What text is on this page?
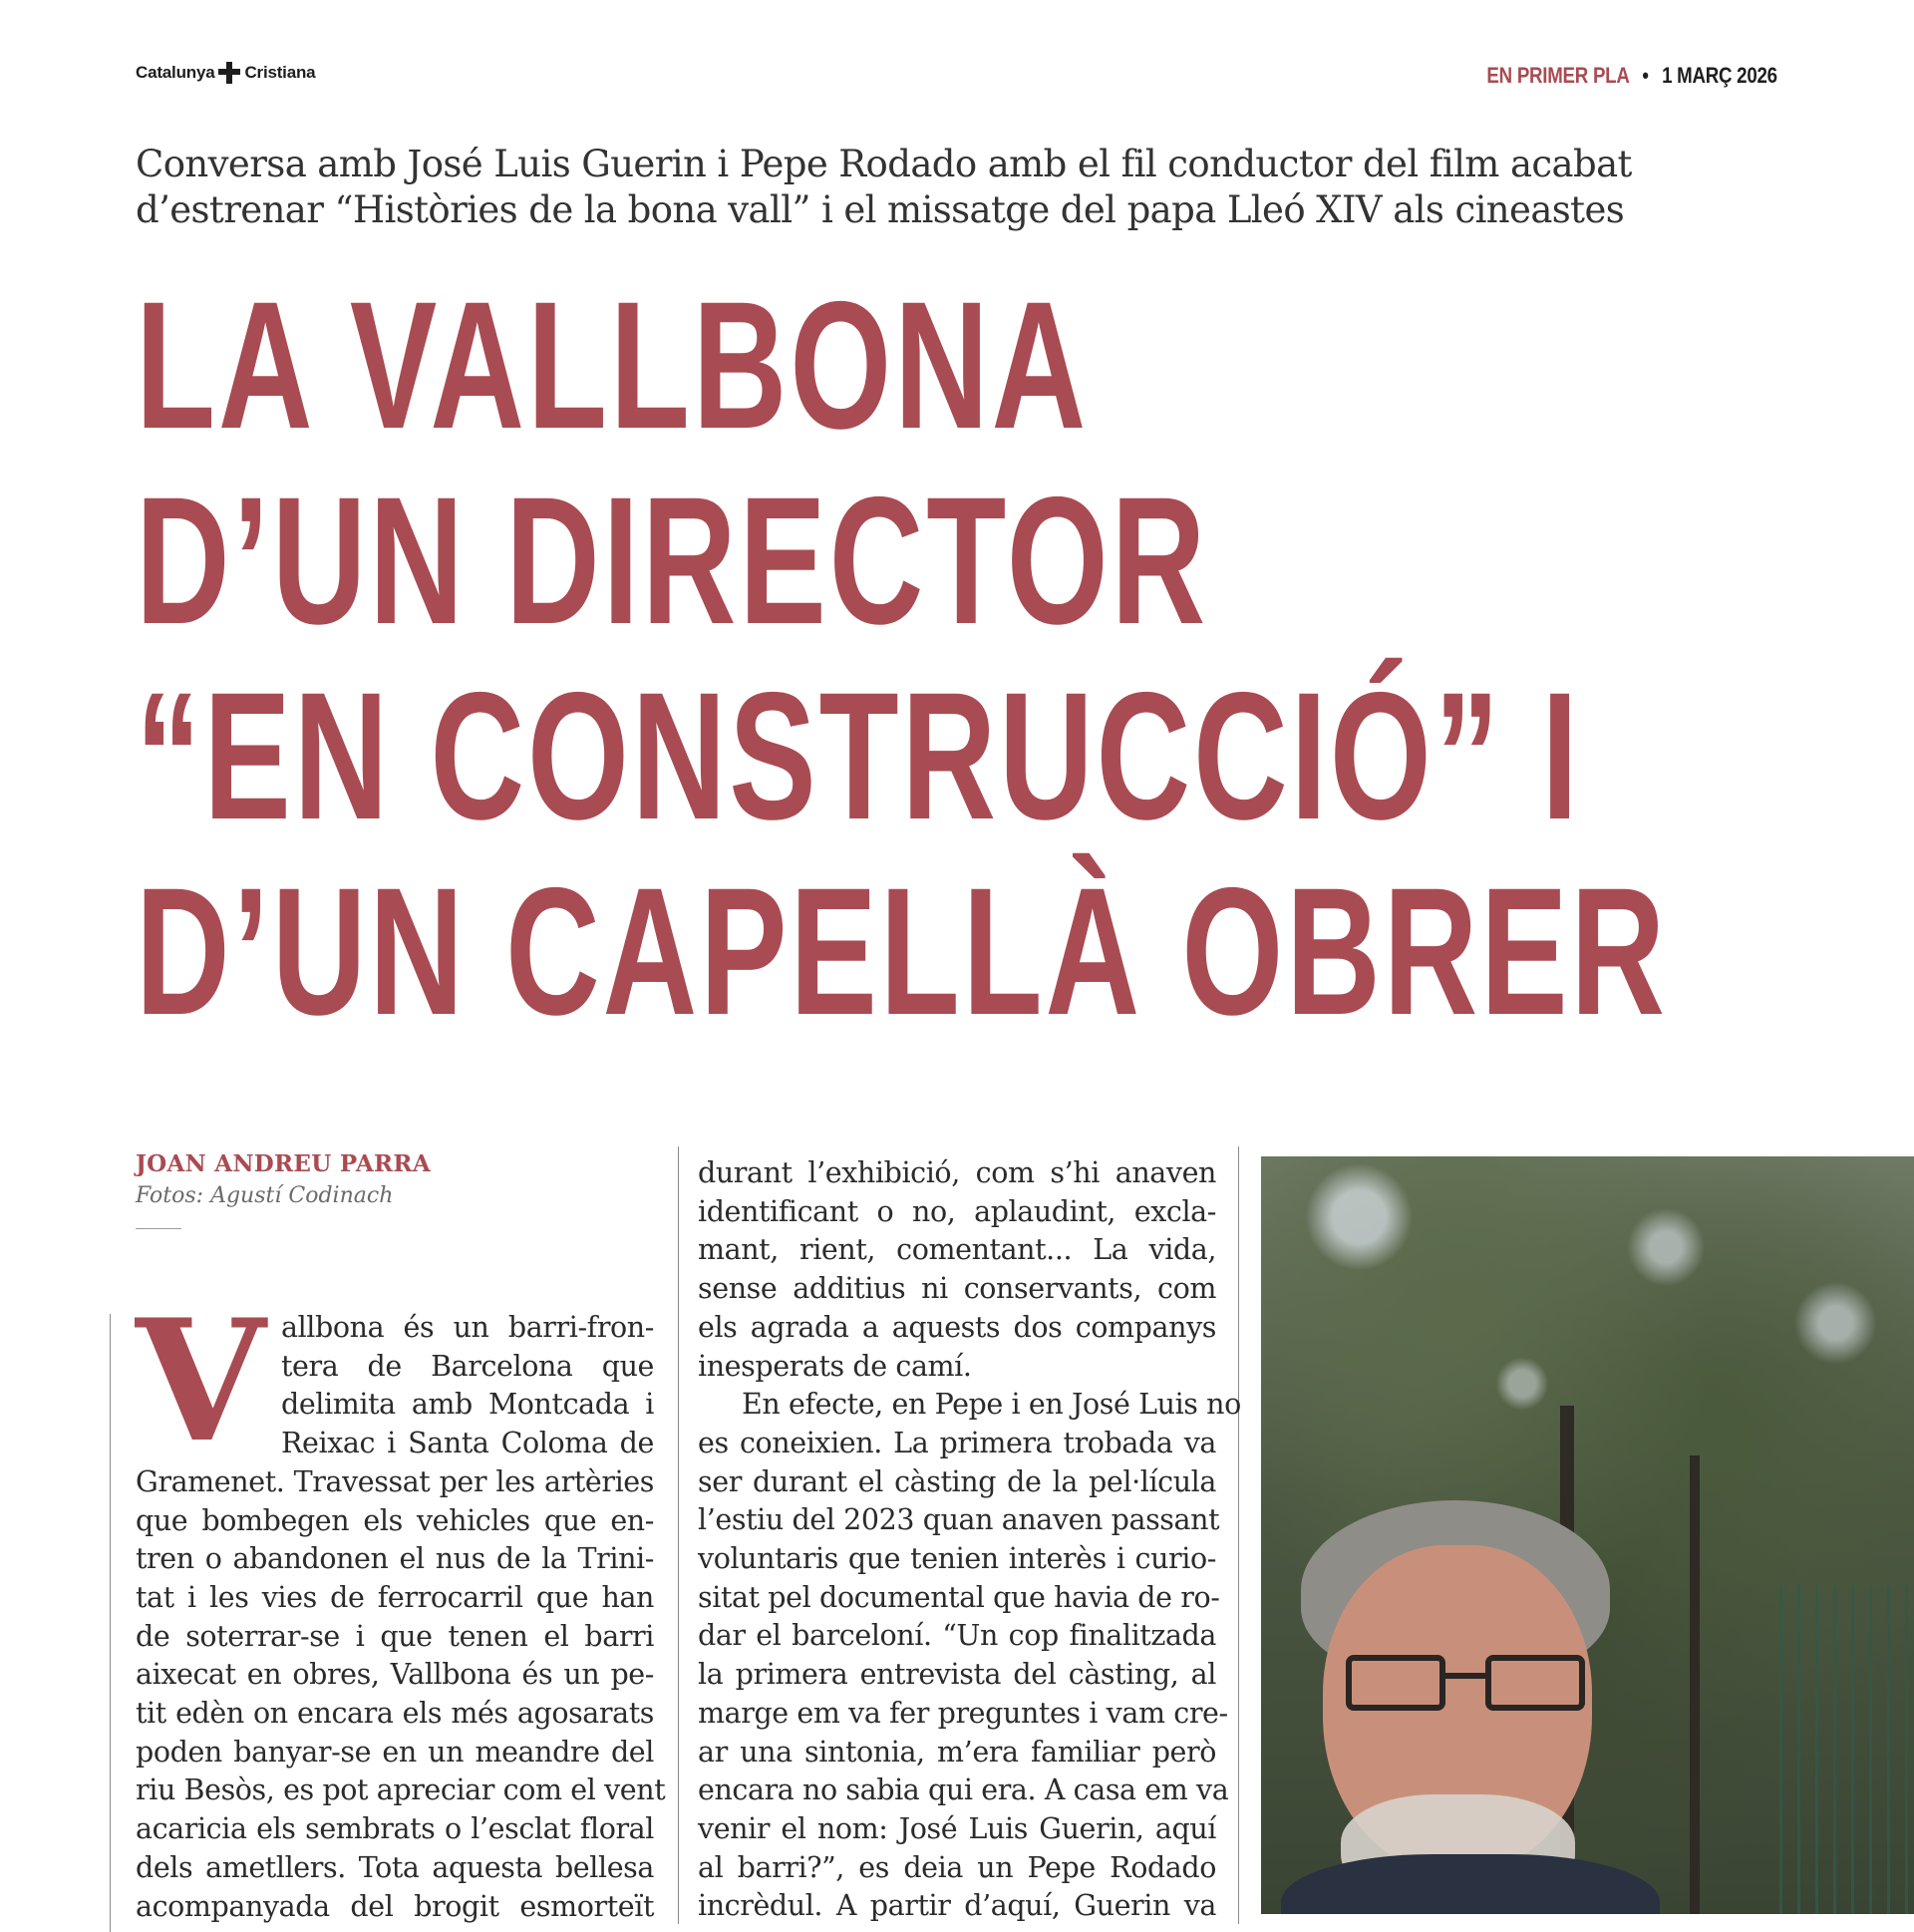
Catalunya Cristiana	EN PRIMER PLA • 1 MARÇ 2026
Conversa amb José Luis Guerin i Pepe Rodado amb el fil conductor del film acabat
d’estrenar “Històries de la bona vall” i el missatge del papa Lleó XIV als cineastes
LA VALLBONA
D’UN DIRECTOR
“EN CONSTRUCCIÓ” I
D’UN CAPELLÀ OBRER
JOAN ANDREU PARRA
Fotos: Agustí Codinach
V allbona és un barri-fron-
tera de Barcelona que
delimita amb Montcada i
Reixac i Santa Coloma de
Gramenet. Travessat per les artèries
que bombegen els vehicles que en-
tren o abandonen el nus de la Trini-
tat i les vies de ferrocarril que han
de soterrar-se i que tenen el barri
aixecat en obres, Vallbona és un pe-
tit edèn on encara els més agosarats
poden banyar-se en un meandre del
riu Besòs, es pot apreciar com el vent
acaricia els sembrats o l’esclat floral
dels ametllers. Tota aquesta bellesa
acompanyada del brogit esmorteït
durant l’exhibició, com s’hi anaven
identificant o no, aplaudint, excla-
mant, rient, comentant... La vida,
sense additius ni conservants, com
els agrada a aquests dos companys
inesperats de camí.
En efecte, en Pepe i en José Luis no
es coneixien. La primera trobada va
ser durant el càsting de la pel·lícula
l’estiu del 2023 quan anaven passant
voluntaris que tenien interès i curio-
sitat pel documental que havia de ro-
dar el barceloní. “Un cop finalitzada
la primera entrevista del càsting, al
marge em va fer preguntes i vam cre-
ar una sintonia, m’era familiar però
encara no sabia qui era. A casa em va
venir el nom: José Luis Guerin, aquí
al barri?”, es deia un Pepe Rodado
incrèdul. A partir d’aquí, Guerin va
